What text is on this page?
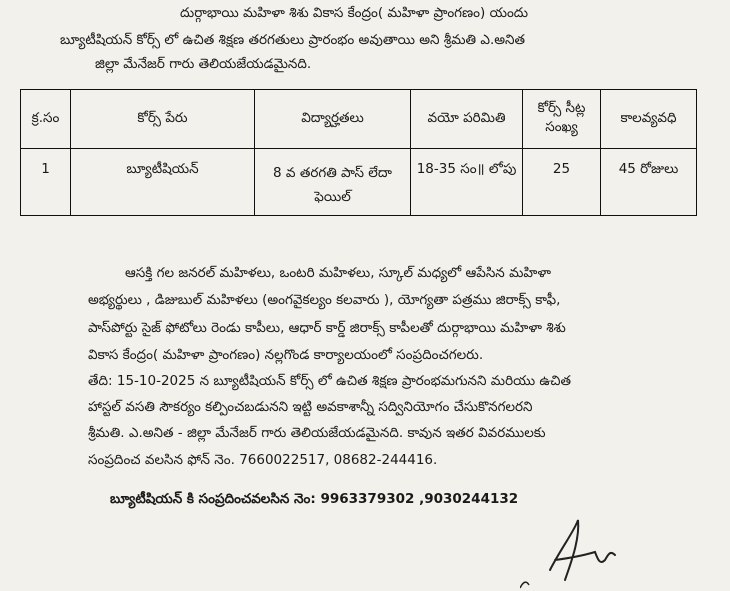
దుర్గాభాయి మహిళా శిశు వికాస కేంద్రం( మహిళా ప్రాంగణం) యందు
బ్యూటీషియన్ కోర్స్ లో ఉచిత శిక్షణ తరగతులు ప్రారంభం అవుతాయి అని శ్రీమతి ఎ.అనిత
జిల్లా మేనేజర్ గారు తెలియజేయడమైనది.
క్ర.సం	కోర్స్ పేరు	విద్యార్హతలు	వయో పరిమితి	కోర్స్ సీట్ల సంఖ్య	కాలవ్యవధి
1	బ్యూటీషియన్	8 వ తరగతి పాస్ లేదా ఫెయిల్	18-35 సం॥ లోపు	25	45 రోజులు
ఆసక్తి గల జనరల్ మహిళలు, ఒంటరి మహిళలు, స్కూల్ మధ్యలో ఆపేసిన మహిళా
అభ్యర్థులు , డిజుబుల్ మహిళలు (అంగవైకల్యం కలవారు ), యోగ్యతా పత్రము జిరాక్స్ కాఫీ,
పాస్‌పోర్టు సైజ్ ఫోటోలు రెండు కాపీలు, ఆధార్ కార్డ్ జిరాక్స్ కాపీలతో దుర్గాభాయి మహిళా శిశు
వికాస కేంద్రం( మహిళా ప్రాంగణం) నల్లగొండ కార్యాలయంలో సంప్రదించగలరు.
తేది: 15-10-2025 న బ్యూటీషియన్ కోర్స్ లో ఉచిత శిక్షణ ప్రారంభమగునని మరియు ఉచిత
హాస్టల్ వసతి సౌకర్యం కల్పించబడునని ఇట్టి అవకాశాన్నీ సద్వినియోగం చేసుకొనగలరని
శ్రీమతి. ఎ.అనిత - జిల్లా మేనేజర్ గారు తెలియజేయడమైనది. కావున ఇతర వివరములకు
సంప్రదించ వలసిన ఫోన్ నెం. 7660022517, 08682-244416.
బ్యూటీషియన్ కి సంప్రదించవలసిన నెం: 9963379302 ,9030244132
